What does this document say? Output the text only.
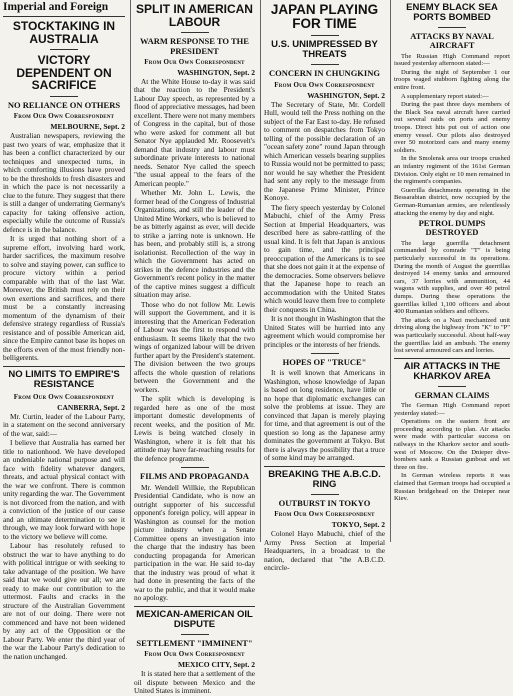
Imperial and Foreign
STOCKTAKING IN AUSTRALIA
VICTORY DEPENDENT ON SACRIFICE
NO RELIANCE ON OTHERS
From Our Own Correspondent
MELBOURNE, Sept. 2

Australian newspapers, reviewing the past two years of war, emphasize that it has been a conflict characterized by our techniques and unexpected turns, in which comforting illusions have proved to be the thresholds to fresh disasters and in which the pace is not necessarily a clue to the future. They suggest that there is still a danger of underrating Germany's capacity for taking offensive action, especially while the outcome of Russia's defence is in the balance.

It is urged that nothing short of a supreme effort, involving hard work, harder sacrifices, the maximum resolve to solve and staying power, can suffice to procure victory within a period comparable with that of the last War. Moreover, the British must rely on their own exertions and sacrifices, and there must be a constantly increasing momentum of the dynamism of their defensive strategy regardless of Russia's resistance and of possible American aid, since the Empire cannot base its hopes on the efforts even of the most friendly non-belligerents.

NO LIMITS TO EMPIRE'S RESISTANCE
From Our Own Correspondent
CANBERRA, Sept. 2

Mr. Curtin, leader of the Labour Party, in a statement on the second anniversary of the war, said:—

I believe that Australia has earned her title to nationhood. We have developed an undeniable national purpose and will face with fidelity whatever dangers, threats, and actual physical contact with the war we confront. There is common unity regarding the war. The Government is not divorced from the nation, and with a conviction of the justice of our cause and an ultimate determination to see it through, we may look forward with hope to the victory we believe will come.

Labour has resolutely refused to obstruct the war to have anything to do with political intrigue or with seeking to take advantage of the position. We have said that we would give our all; we are ready to make our contribution to the uttermost. Faults and cracks in the structure of the Australian Government are not of our doing. There were not commenced and have not been widened by any act of the Opposition or the Labour Party. We enter the third year of the war the Labour Party's dedication to the nation unchanged.

SPLIT IN AMERICAN LABOUR
WARM RESPONSE TO THE PRESIDENT
From Our Own Correspondent
WASHINGTON, Sept. 2

At the White House to-day it was said that the reaction to the President's Labour Day speech, as represented by a flood of appreciative messages, had been excellent. There were not many members of Congress in the capital, but of those who were asked for comment all but Senator Nye applauded Mr. Roosevelt's demand that industry and labour must subordinate private interests to national needs. Senator Nye called the speech "the usual appeal to the fears of the American people."

Whether Mr. John L. Lewis, the former head of the Congress of Industrial Organizations, and still the leader of the United Mine Workers, who is believed to be as bitterly against as ever, will decide to strike a jarring note is unknown. He has been, and probably still is, a strong isolationist. Recollection of the way in which the Government has acted on strikes in the defence industries and the Government's recent policy in the matter of the captive mines suggest a difficult situation may arise.

Those who do not follow Mr. Lewis will support the Government, and it is interesting that the American Federation of Labour was the first to respond with enthusiasm. It seems likely that the two wings of organized labour will be driven further apart by the President's statement. The division between the two groups affects the whole question of relations between the Government and the workers.

The split which is developing is regarded here as one of the most important domestic developments of recent weeks, and the position of Mr. Lewis is being watched closely in Washington, where it is felt that his attitude may have far-reaching results for the defence programme.

FILMS AND PROPAGANDA

Mr. Wendell Willkie, the Republican Presidential Candidate, who is now an outright supporter of his successful opponent's foreign policy, will appear in Washington as counsel for the motion picture industry when a Senate Committee opens an investigation into the charge that the industry has been conducting propaganda for American participation in the war. He said to-day that the industry was proud of what it had done in presenting the facts of the war to the public, and that it would make no apology.

MEXICAN-AMERICAN OIL DISPUTE
SETTLEMENT "IMMINENT"
From Our Own Correspondent
MEXICO CITY, Sept. 2

It is stated here that a settlement of the oil dispute between Mexico and the United States is imminent.

JAPAN PLAYING FOR TIME
U.S. UNIMPRESSED BY THREATS
CONCERN IN CHUNGKING
From Our Own Correspondent
WASHINGTON, Sept. 2

The Secretary of State, Mr. Cordell Hull, would tell the Press nothing on the subject of the Far East to-day. He refused to comment on despatches from Tokyo telling of the possible declaration of an "ocean safety zone" round Japan through which American vessels bearing supplies to Russia would not be permitted to pass; nor would he say whether the President had sent any reply to the message from the Japanese Prime Minister, Prince Konoye.

The fiery speech yesterday by Colonel Mabuchi, chief of the Army Press Section at Imperial Headquarters, was described here as sabre-rattling of the usual kind. It is felt that Japan is anxious to gain time, and the principal preoccupation of the Americans is to see that she does not gain it at the expense of the democracies. Some observers believe that the Japanese hope to reach an accommodation with the United States which would leave them free to complete their conquests in China.

It is not thought in Washington that the United States will be hurried into any agreement which would compromise her principles or the interests of her friends.

HOPES OF "TRUCE"

It is well known that Americans in Washington, whose knowledge of Japan is based on long residence, have little or no hope that diplomatic exchanges can solve the problems at issue. They are convinced that Japan is merely playing for time, and that agreement is out of the question so long as the Japanese army dominates the government at Tokyo. But there is always the possibility that a truce of some kind may be arranged.

BREAKING THE A.B.C.D. RING
OUTBURST IN TOKYO
From Our Own Correspondent
TOKYO, Sept. 2

Colonel Hayo Mabuchi, chief of the Army Press Section at Imperial Headquarters, in a broadcast to the nation, declared that "the A.B.C.D. encircle-

ENEMY BLACK SEA PORTS BOMBED
ATTACKS BY NAVAL AIRCRAFT

The Russian High Command report issued yesterday afternoon stated:—

During the night of September 1 our troops waged stubborn fighting along the entire front.

A supplementary report stated:—

During the past three days members of the Black Sea naval aircraft have carried out several raids on ports and enemy troops. Direct hits put out of action one enemy vessel. Our pilots also destroyed over 50 motorized cars and many enemy soldiers.

In the Smolensk area our troops crushed an infantry regiment of the 161st German Division. Only eight or 10 men remained in the regiment's companies.

Guerrilla detachments operating in the Bessarabian district, now occupied by the German-Rumanian armies, are relentlessly attacking the enemy by day and night.

PETROL DUMPS DESTROYED

The large guerrilla detachment commanded by comrade "T" is being particularly successful in its operations. During the month of August the guerrillas destroyed 14 enemy tanks and armoured cars, 37 lorries with ammunition, 44 wagons with supplies, and over 40 petrol dumps. During these operations the guerrillas killed 1,100 officers and about 400 Rumanian soldiers and officers.

The attack on a Nazi mechanized unit driving along the highway from "K" to "P" was particularly successful. About half-way the guerrillas laid an ambush. The enemy lost several armoured cars and lorries.

AIR ATTACKS IN THE KHARKOV AREA
GERMAN CLAIMS

The German High Command report yesterday stated:—

Operations on the eastern front are proceeding according to plan. Air attacks were made with particular success on railways in the Kharkov sector and south-west of Moscow. On the Dnieper dive-bombers sank a Russian gunboat and set three on fire.

In German wireless reports it was claimed that German troops had occupied a Russian bridgehead on the Dnieper near Kiev.
